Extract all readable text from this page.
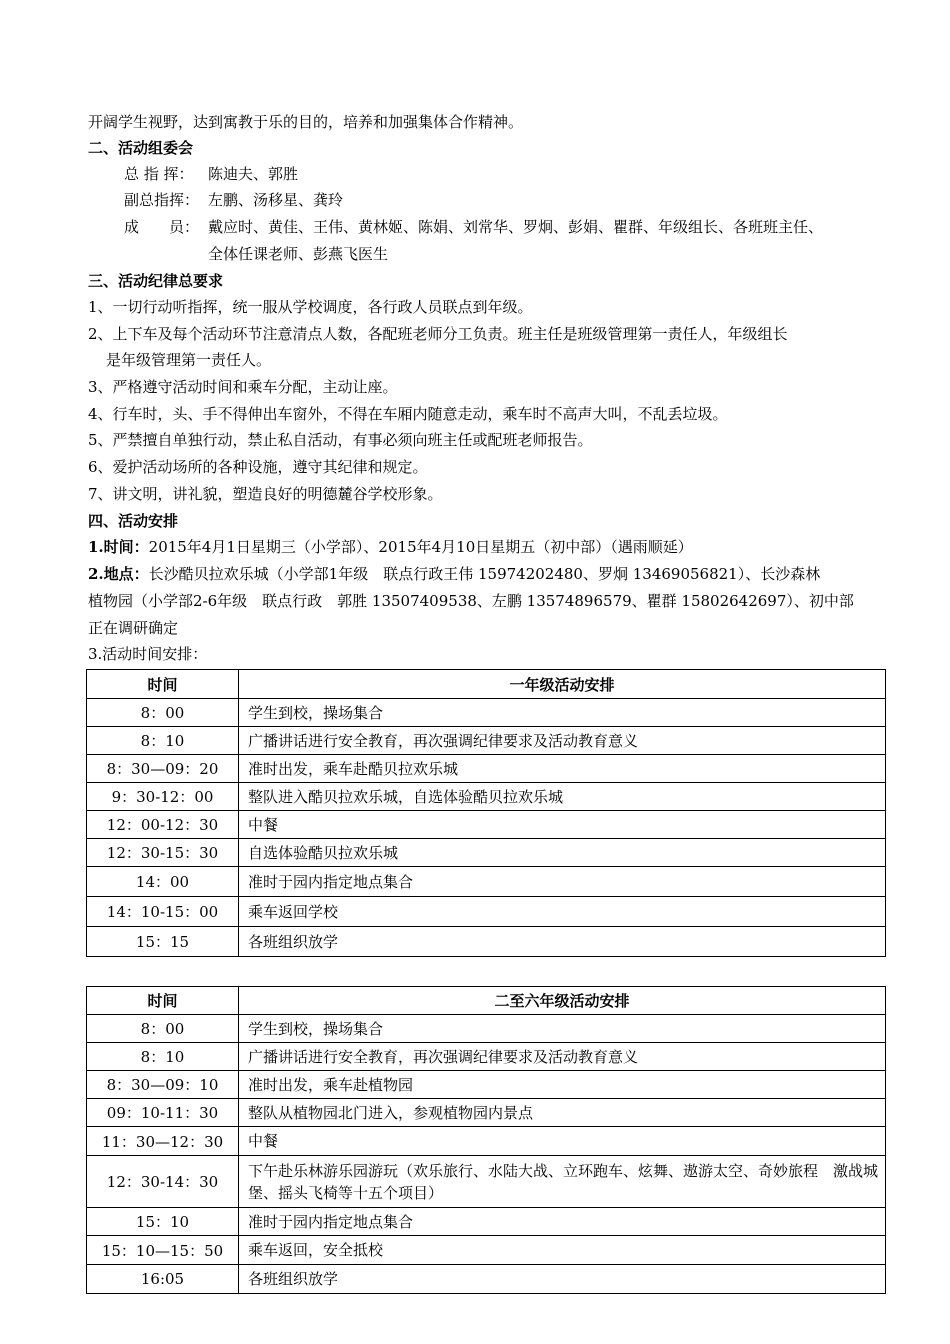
开阔学生视野，达到寓教于乐的目的，培养和加强集体合作精神。
二、活动组委会
总 指 挥： 陈迪夫、郭胜
副总指挥： 左鹏、汤移星、龚玲
成　　员： 戴应时、黄佳、王伟、黄林姬、陈娟、刘常华、罗炯、彭娟、瞿群、年级组长、各班班主任、
全体任课老师、彭燕飞医生
三、活动纪律总要求
1、一切行动听指挥，统一服从学校调度，各行政人员联点到年级。
2、上下车及每个活动环节注意清点人数，各配班老师分工负责。班主任是班级管理第一责任人，年级组长
是年级管理第一责任人。
3、严格遵守活动时间和乘车分配，主动让座。
4、行车时，头、手不得伸出车窗外，不得在车厢内随意走动，乘车时不高声大叫，不乱丢垃圾。
5、严禁擅自单独行动，禁止私自活动，有事必须向班主任或配班老师报告。
6、爱护活动场所的各种设施，遵守其纪律和规定。
7、讲文明，讲礼貌，塑造良好的明德麓谷学校形象。
四、活动安排
1.时间：2015年4月1日星期三（小学部）、2015年4月10日星期五（初中部）（遇雨顺延）
2.地点：长沙酷贝拉欢乐城（小学部1年级　联点行政王伟 15974202480、罗炯 13469056821）、长沙森林
植物园（小学部2-6年级　联点行政　郭胜 13507409538、左鹏 13574896579、瞿群 15802642697）、初中部
正在调研确定
3.活动时间安排：
时间	一年级活动安排
8：00	学生到校，操场集合
8：10	广播讲话进行安全教育，再次强调纪律要求及活动教育意义
8：30—09：20	准时出发，乘车赴酷贝拉欢乐城
9：30-12：00	整队进入酷贝拉欢乐城，自选体验酷贝拉欢乐城
12：00-12：30	中餐
12：30-15：30	自选体验酷贝拉欢乐城
14：00	准时于园内指定地点集合
14：10-15：00	乘车返回学校
15：15	各班组织放学
时间	二至六年级活动安排
8：00	学生到校，操场集合
8：10	广播讲话进行安全教育，再次强调纪律要求及活动教育意义
8：30—09：10	准时出发，乘车赴植物园
09：10-11：30	整队从植物园北门进入，参观植物园内景点
11：30—12：30	中餐
12：30-14：30	下午赴乐林游乐园游玩（欢乐旅行、水陆大战、立环跑车、炫舞、遨游太空、奇妙旅程　激战城堡、摇头飞椅等十五个项目）
15：10	准时于园内指定地点集合
15：10—15：50	乘车返回，安全抵校
16:05	各班组织放学
